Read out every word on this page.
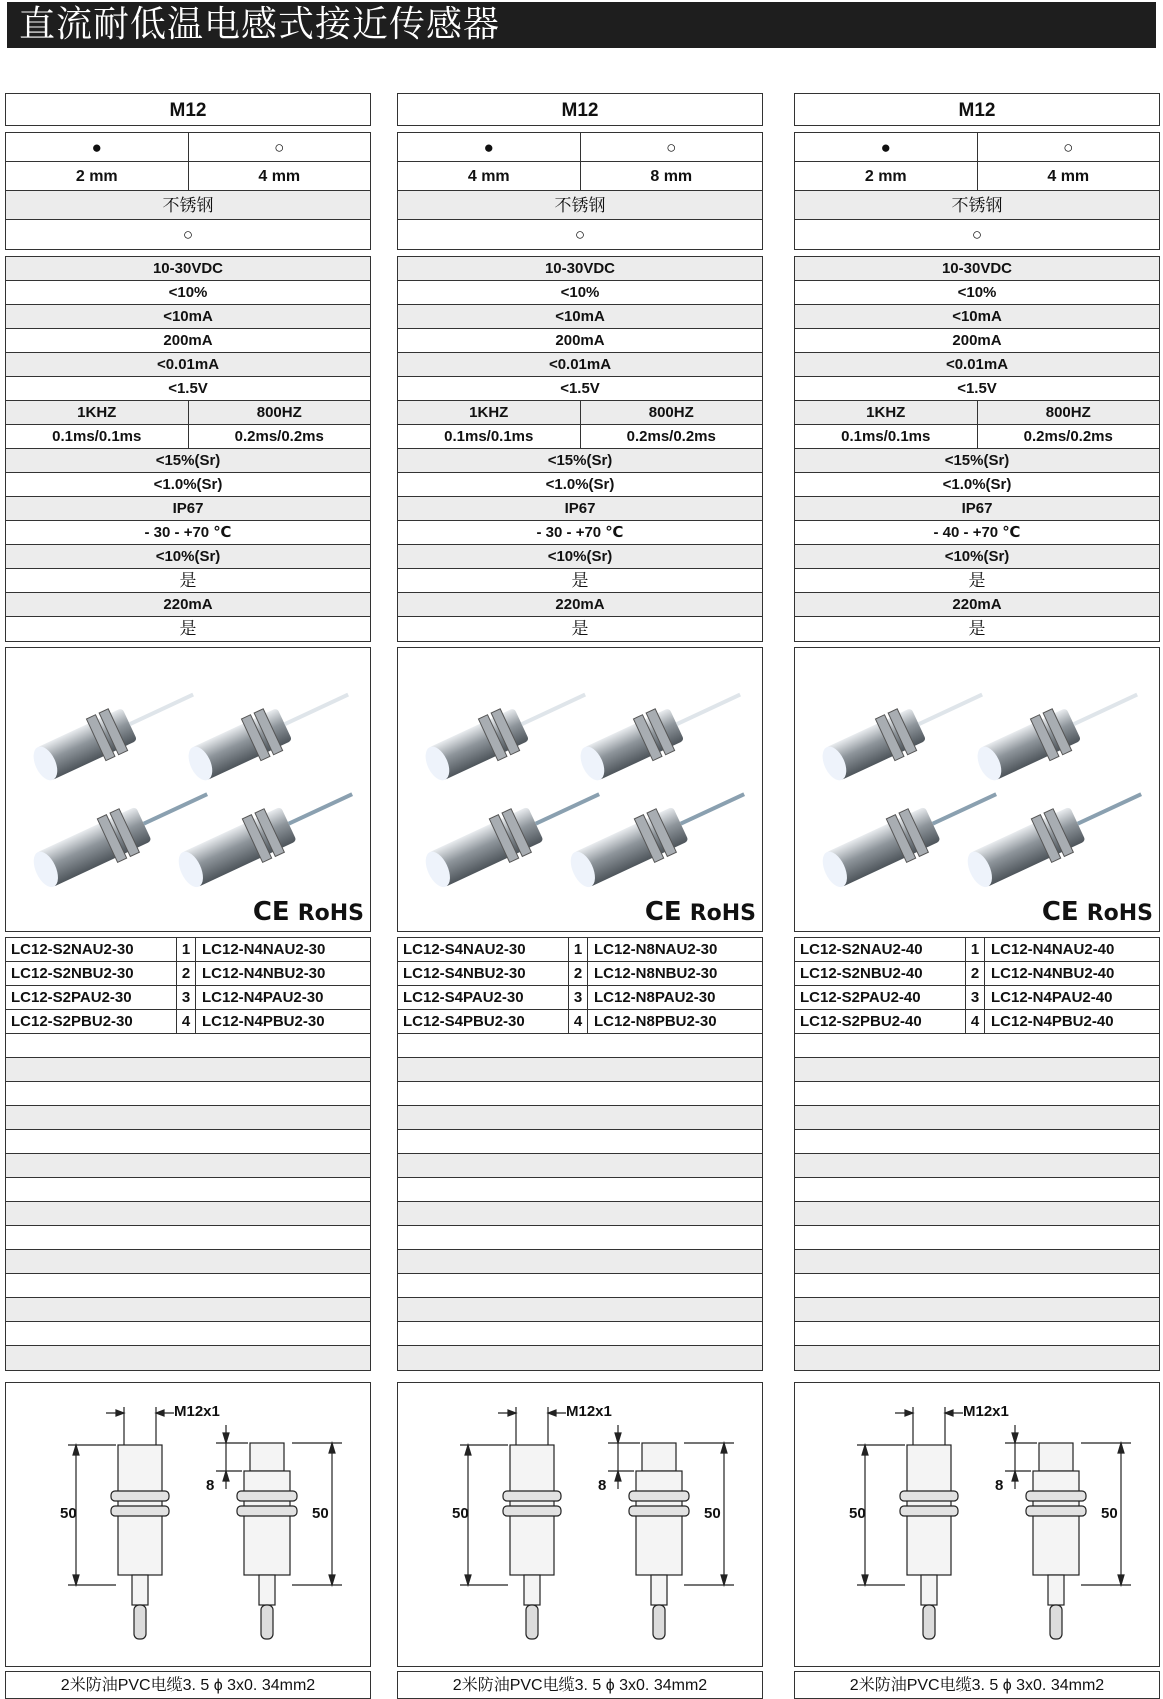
直流耐低温电感式接近传感器
M12
●	○
2 mm	4 mm
不锈钢
○
10-30VDC
<10%
<10mA
200mA
<0.01mA
<1.5V
1KHZ	800HZ
0.1ms/0.1ms	0.2ms/0.2ms
<15%(Sr)
<1.0%(Sr)
IP67
- 30 - +70 ℃
<10%(Sr)
是
220mA
是
CE RoHS
LC12-S2NAU2-30	1 LC12-N4NAU2-30
LC12-S2NBU2-30	2 LC12-N4NBU2-30
LC12-S2PAU2-30	3 LC12-N4PAU2-30
LC12-S2PBU2-30	4 LC12-N4PBU2-30
M12x1
50
8
50
2米防油PVC电缆3. 5 ϕ 3x0. 34mm2
M12
●	○
4 mm	8 mm
不锈钢
○
10-30VDC
<10%
<10mA
200mA
<0.01mA
<1.5V
1KHZ	800HZ
0.1ms/0.1ms	0.2ms/0.2ms
<15%(Sr)
<1.0%(Sr)
IP67
- 30 - +70 ℃
<10%(Sr)
是
220mA
是
CE RoHS
LC12-S4NAU2-30	1 LC12-N8NAU2-30
LC12-S4NBU2-30	2 LC12-N8NBU2-30
LC12-S4PAU2-30	3 LC12-N8PAU2-30
LC12-S4PBU2-30	4 LC12-N8PBU2-30
M12x1
50
8
50
2米防油PVC电缆3. 5 ϕ 3x0. 34mm2
M12
●	○
2 mm	4 mm
不锈钢
○
10-30VDC
<10%
<10mA
200mA
<0.01mA
<1.5V
1KHZ	800HZ
0.1ms/0.1ms	0.2ms/0.2ms
<15%(Sr)
<1.0%(Sr)
IP67
- 40 - +70 ℃
<10%(Sr)
是
220mA
是
CE RoHS
LC12-S2NAU2-40	1 LC12-N4NAU2-40
LC12-S2NBU2-40	2 LC12-N4NBU2-40
LC12-S2PAU2-40	3 LC12-N4PAU2-40
LC12-S2PBU2-40	4 LC12-N4PBU2-40
M12x1
50
8
50
2米防油PVC电缆3. 5 ϕ 3x0. 34mm2
